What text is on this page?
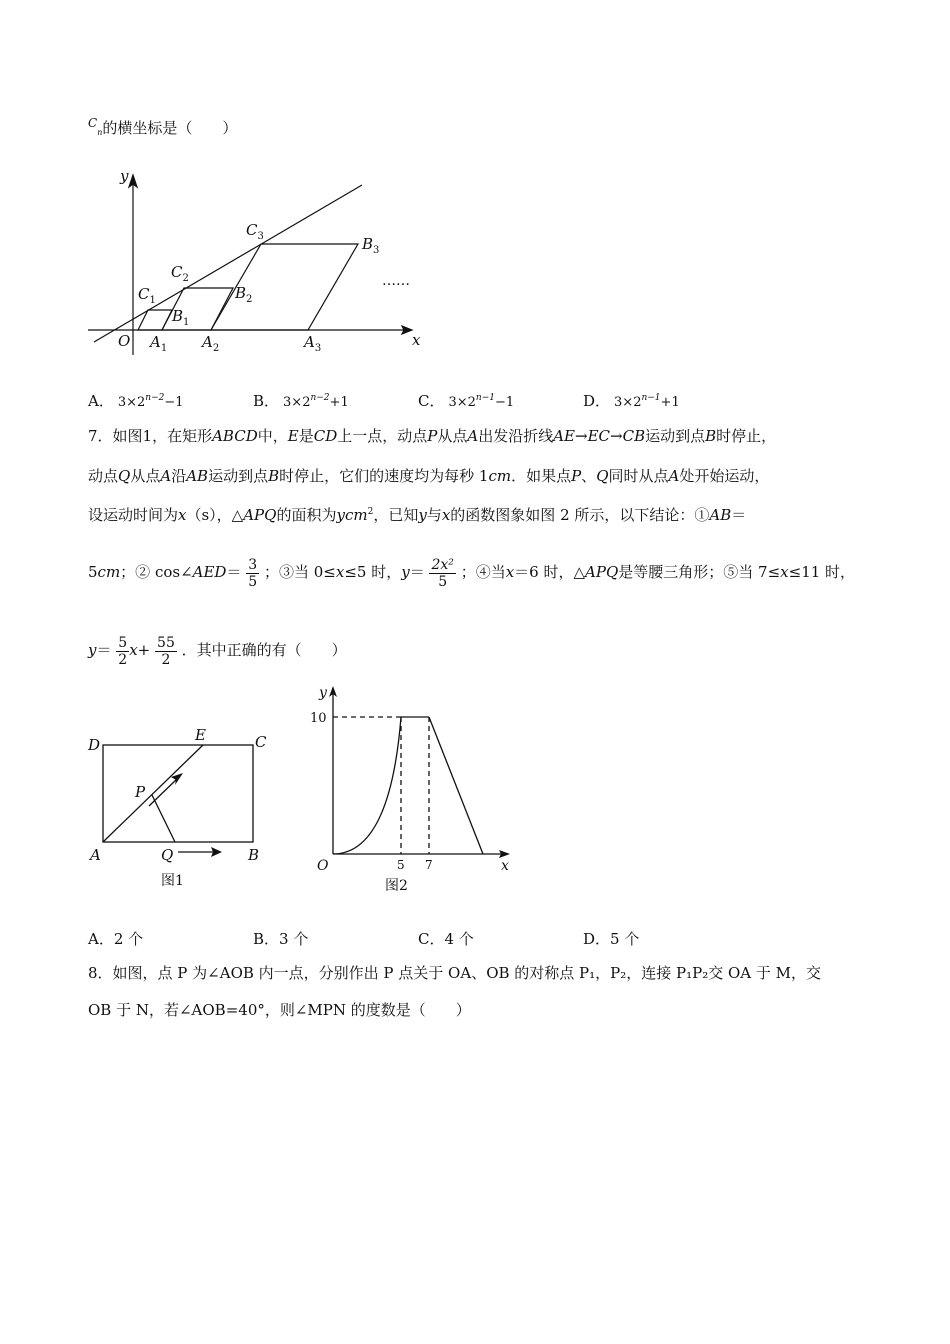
$^C_n$的横坐标是（　　）
y
x
O
$C_1$
$C_2$
$C_3$
$B_1$
$B_2$
$B_3$
$A_1$ $A_2$	$A_3$
……
A． $3\times 2^{n-2}-1$	B． $3\times 2^{n-2}+1$	C． $3\times 2^{n-1}-1$	D． $3\times 2^{n-1}+1$
7．如图1，在矩形ABCD中，E是CD上一点，动点P从点A出发沿折线AE→EC→CB运动到点B时停止，
动点Q从点A沿AB运动到点B时停止，它们的速度均为每秒 1cm．如果点P、Q同时从点A处开始运动，
设运动时间为x（s），△APQ的面积为ycm$^2$，已知y与x的函数图象如图 2 所示，以下结论：①AB＝
5cm；② cos∠AED＝ $\frac{3}{5}$ ；③当 0≤x≤5 时，$y= \frac{\text{2x²}}{5}$ ；④当x＝6 时，△APQ是等腰三角形；⑤当 7≤x≤11 时，
$y= \frac{5}{2} x+ \frac{55}{2}$ ．其中正确的有（　　）
D
E	C
P
A	Q	B
图1
y
x
O
10
5 7
图2
A．2 个	B．3 个	C．4 个	D．5 个
8．如图，点 P 为∠AOB 内一点，分别作出 P 点关于 OA、OB 的对称点 P₁，P₂，连接 P₁P₂交 OA 于 M，交
OB 于 N，若∠AOB=40°，则∠MPN 的度数是（　　）
